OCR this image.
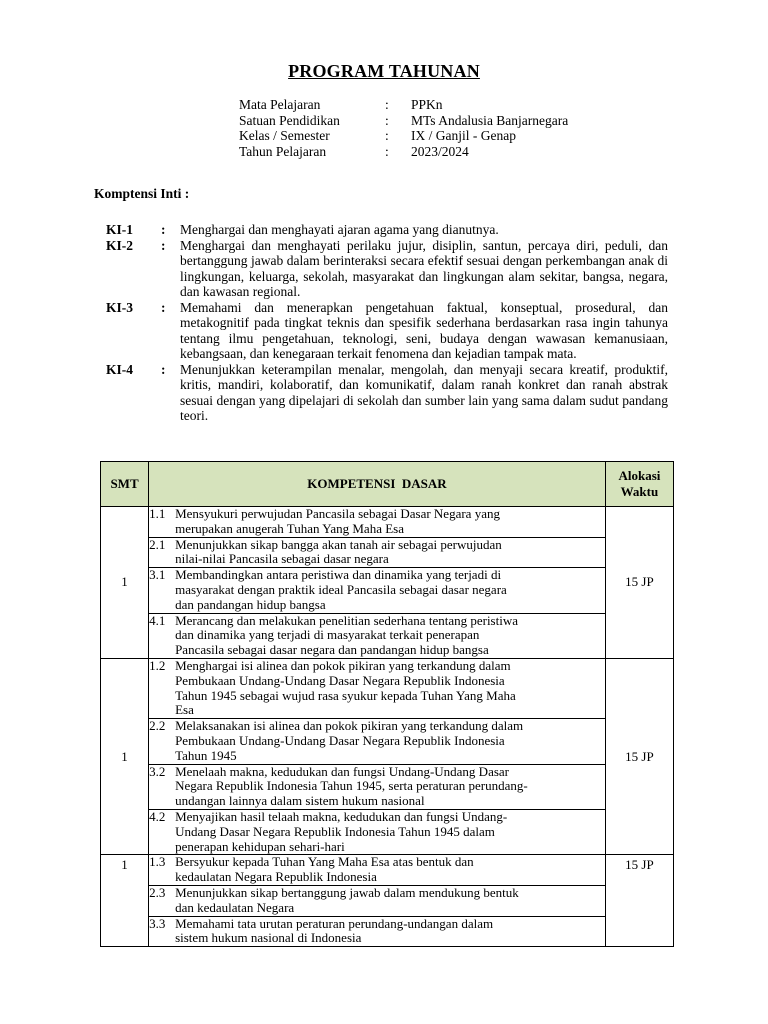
PROGRAM TAHUNAN
Mata Pelajaran	: PPKn
Satuan Pendidikan	: MTs Andalusia Banjarnegara
Kelas / Semester	: IX / Ganjil - Genap
Tahun Pelajaran	: 2023/2024
Komptensi Inti :
KI-1	:	Menghargai dan menghayati ajaran agama yang dianutnya.
KI-2	:	Menghargai dan menghayati perilaku jujur, disiplin, santun, percaya diri, peduli, dan bertanggung jawab dalam berinteraksi secara efektif sesuai dengan perkembangan anak di lingkungan, keluarga, sekolah, masyarakat dan lingkungan alam sekitar, bangsa, negara, dan kawasan regional.
KI-3	:	Memahami dan menerapkan pengetahuan faktual, konseptual, prosedural, dan metakognitif pada tingkat teknis dan spesifik sederhana berdasarkan rasa ingin tahunya tentang ilmu pengetahuan, teknologi, seni, budaya dengan wawasan kemanusiaan, kebangsaan, dan kenegaraan terkait fenomena dan kejadian tampak mata.
KI-4	:	Menunjukkan keterampilan menalar, mengolah, dan menyaji secara kreatif, produktif, kritis, mandiri, kolaboratif, dan komunikatif, dalam ranah konkret dan ranah abstrak sesuai dengan yang dipelajari di sekolah dan sumber lain yang sama dalam sudut pandang teori.
SMT	KOMPETENSI  DASAR	Alokasi Waktu
1	1.1 Mensyukuri perwujudan Pancasila sebagai Dasar Negara yang
merupakan anugerah Tuhan Yang Maha Esa	15 JP

	2.1 Menunjukkan sikap bangga akan tanah air sebagai perwujudan
nilai-nilai Pancasila sebagai dasar negara	

	3.1 Membandingkan antara peristiwa dan dinamika yang terjadi di
masyarakat dengan praktik ideal Pancasila sebagai dasar negara
dan pandangan hidup bangsa	

	4.1 Merancang dan melakukan penelitian sederhana tentang peristiwa
dan dinamika yang terjadi di masyarakat terkait penerapan
Pancasila sebagai dasar negara dan pandangan hidup bangsa	

1	1.2 Menghargai isi alinea dan pokok pikiran yang terkandung dalam
Pembukaan Undang-Undang Dasar Negara Republik Indonesia
Tahun 1945 sebagai wujud rasa syukur kepada Tuhan Yang Maha
Esa	15 JP

	2.2 Melaksanakan isi alinea dan pokok pikiran yang terkandung dalam
Pembukaan Undang-Undang Dasar Negara Republik Indonesia
Tahun 1945	

	3.2 Menelaah makna, kedudukan dan fungsi Undang-Undang Dasar
Negara Republik Indonesia Tahun 1945, serta peraturan perundang-
undangan lainnya dalam sistem hukum nasional	

	4.2 Menyajikan hasil telaah makna, kedudukan dan fungsi Undang-
Undang Dasar Negara Republik Indonesia Tahun 1945 dalam
penerapan kehidupan sehari-hari	

1	1.3 Bersyukur kepada Tuhan Yang Maha Esa atas bentuk dan
kedaulatan Negara Republik Indonesia	15 JP

	2.3 Menunjukkan sikap bertanggung jawab dalam mendukung bentuk
dan kedaulatan Negara	

	3.3 Memahami tata urutan peraturan perundang-undangan dalam
sistem hukum nasional di Indonesia	
